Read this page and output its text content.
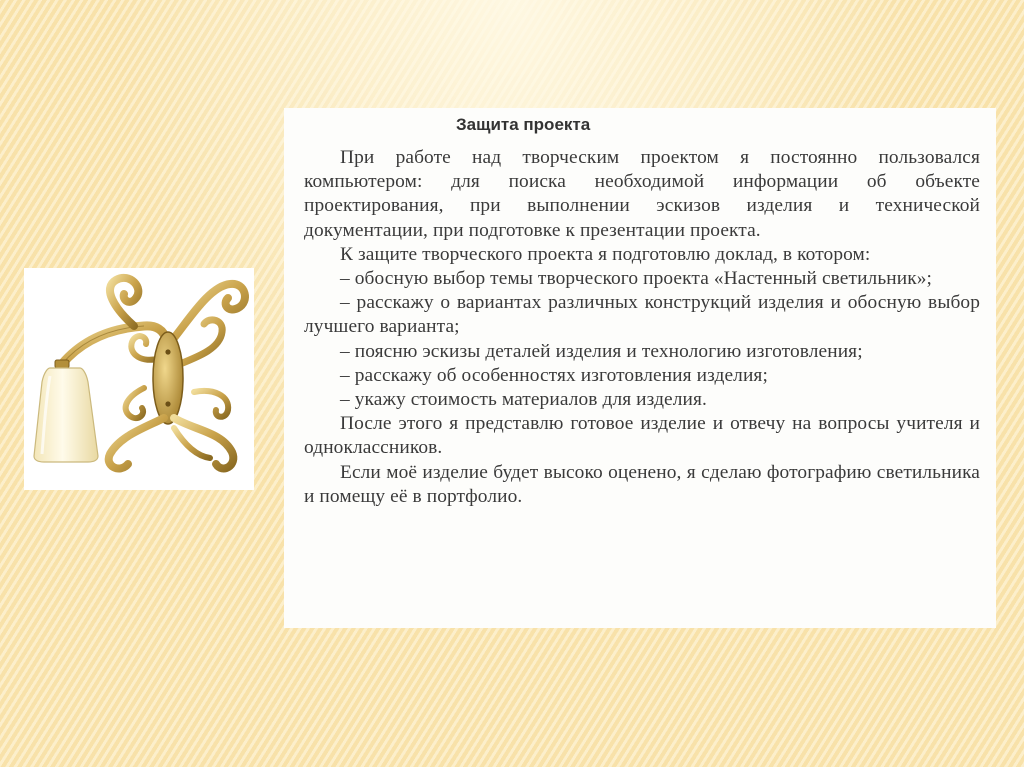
Защита проекта

При работе над творческим проектом я постоянно пользовался компьютером: для поиска необходимой информации об объекте проектирования, при выполнении эскизов изделия и технической документации, при подготовке к презентации проекта.

К защите творческого проекта я подготовлю доклад, в котором:

– обосную выбор темы творческого проекта «Настенный светильник»;

– расскажу о вариантах различных конструкций изделия и обосную выбор лучшего варианта;

– поясню эскизы деталей изделия и технологию изготовления;

– расскажу об особенностях изготовления изделия;

– укажу стоимость материалов для изделия.

После этого я представлю готовое изделие и отвечу на вопросы учителя и одноклассников.

Если моё изделие будет высоко оценено, я сделаю фотографию светильника и помещу её в портфолио.
